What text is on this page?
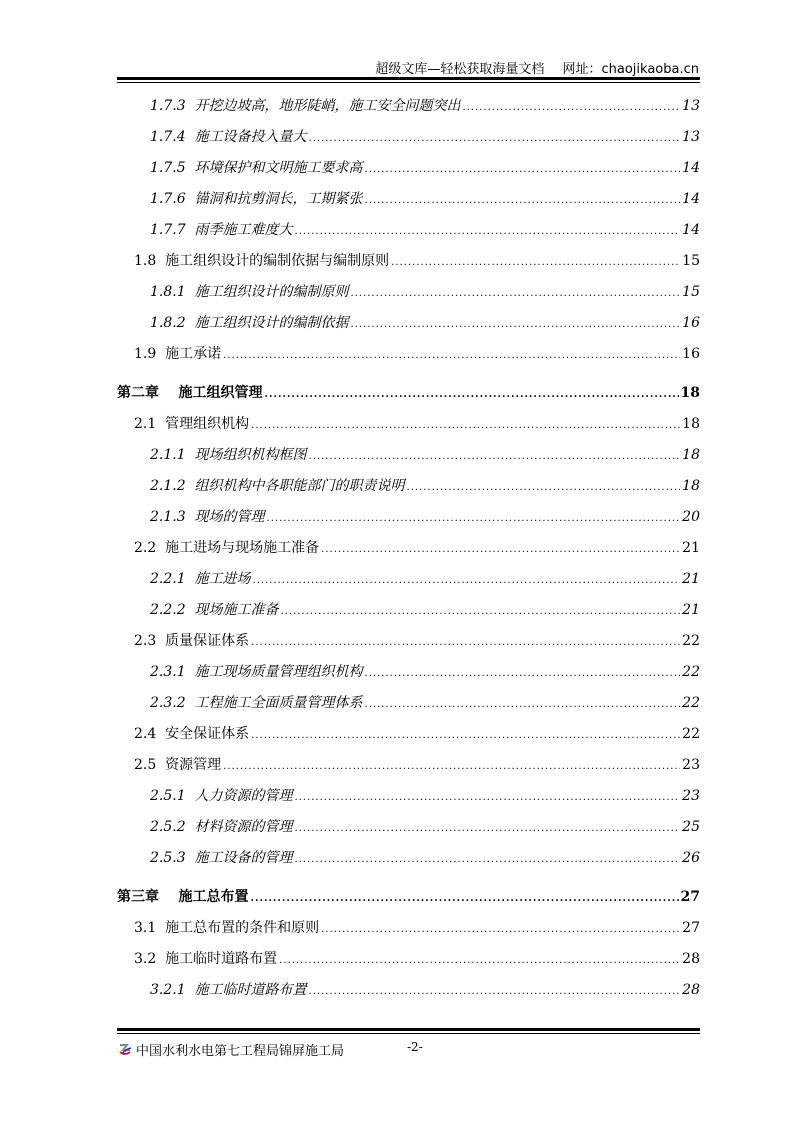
超级文库—轻松获取海量文档 网址：chaojikaoba.cn
1.7.3 开挖边坡高，地形陡峭，施工安全问题突出 .....	13
1.7.4 施工设备投入量大 .....	13
1.7.5 环境保护和文明施工要求高 .....	14
1.7.6 锚洞和抗剪洞长，工期紧张 .....	14
1.7.7 雨季施工难度大 .....	14
1.8 施工组织设计的编制依据与编制原则 .....	15
1.8.1 施工组织设计的编制原则 .....	15
1.8.2 施工组织设计的编制依据 .....	16
1.9 施工承诺 .....	16
第二章 施工组织管理 .....	18
2.1 管理组织机构 .....	18
2.1.1 现场组织机构框图 .....	18
2.1.2 组织机构中各职能部门的职责说明 .....	18
2.1.3 现场的管理 .....	20
2.2 施工进场与现场施工准备 .....	21
2.2.1 施工进场 .....	21
2.2.2 现场施工准备 .....	21
2.3 质量保证体系 .....	22
2.3.1 施工现场质量管理组织机构 .....	22
2.3.2 工程施工全面质量管理体系 .....	22
2.4 安全保证体系 .....	22
2.5 资源管理 .....	23
2.5.1 人力资源的管理 .....	23
2.5.2 材料资源的管理 .....	25
2.5.3 施工设备的管理 .....	26
第三章 施工总布置 .....	27
3.1 施工总布置的条件和原则 .....	27
3.2 施工临时道路布置 .....	28
3.2.1 施工临时道路布置 .....	28
中国水利水电第七工程局锦屏施工局	-2-
